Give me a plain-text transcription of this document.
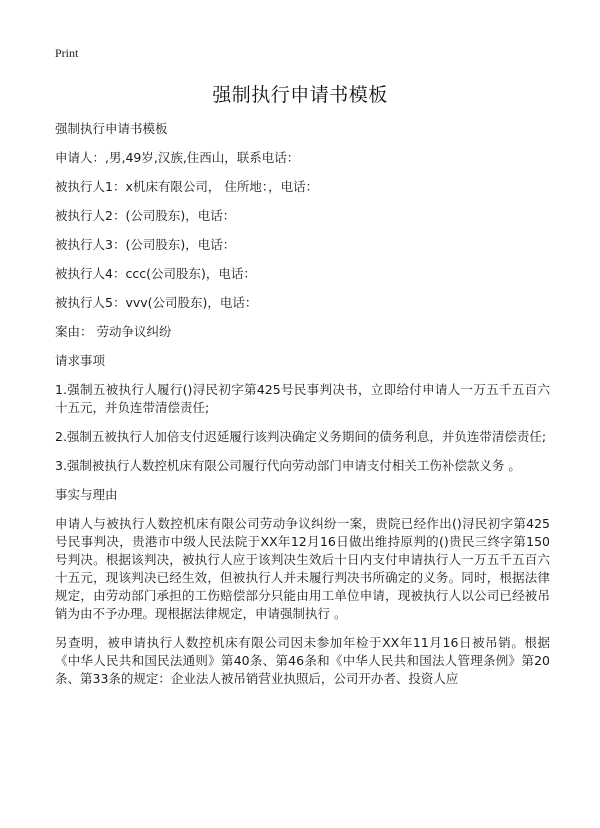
Print
强制执行申请书模板
强制执行申请书模板
申请人：,男,49岁,汉族,住西山，联系电话：
被执行人1：x机床有限公司， 住所地：，电话：
被执行人2：(公司股东)，电话：
被执行人3：(公司股东)，电话：
被执行人4：ccc(公司股东)，电话：
被执行人5：vvv(公司股东)，电话：
案由： 劳动争议纠纷
请求事项
1.强制五被执行人履行()浔民初字第425号民事判决书，立即给付申请人一万五千五百六十五元，并负连带清偿责任;
2.强制五被执行人加倍支付迟延履行该判决确定义务期间的债务利息，并负连带清偿责任;
3.强制被执行人数控机床有限公司履行代向劳动部门申请支付相关工伤补偿款义务 。
事实与理由
申请人与被执行人数控机床有限公司劳动争议纠纷一案，贵院已经作出()浔民初字第425号民事判决，贵港市中级人民法院于XX年12月16日做出维持原判的()贵民三终字第150号判决。根据该判决，被执行人应于该判决生效后十日内支付申请执行人一万五千五百六十五元，现该判决已经生效，但被执行人并未履行判决书所确定的义务。同时，根据法律规定，由劳动部门承担的工伤赔偿部分只能由用工单位申请，现被执行人以公司已经被吊销为由不予办理。现根据法律规定，申请强制执行 。
另查明，被申请执行人数控机床有限公司因未参加年检于XX年11月16日被吊销。根据《中华人民共和国民法通则》第40条、第46条和《中华人民共和国法人管理条例》第20条、第33条的规定：企业法人被吊销营业执照后，公司开办者、投资人应
